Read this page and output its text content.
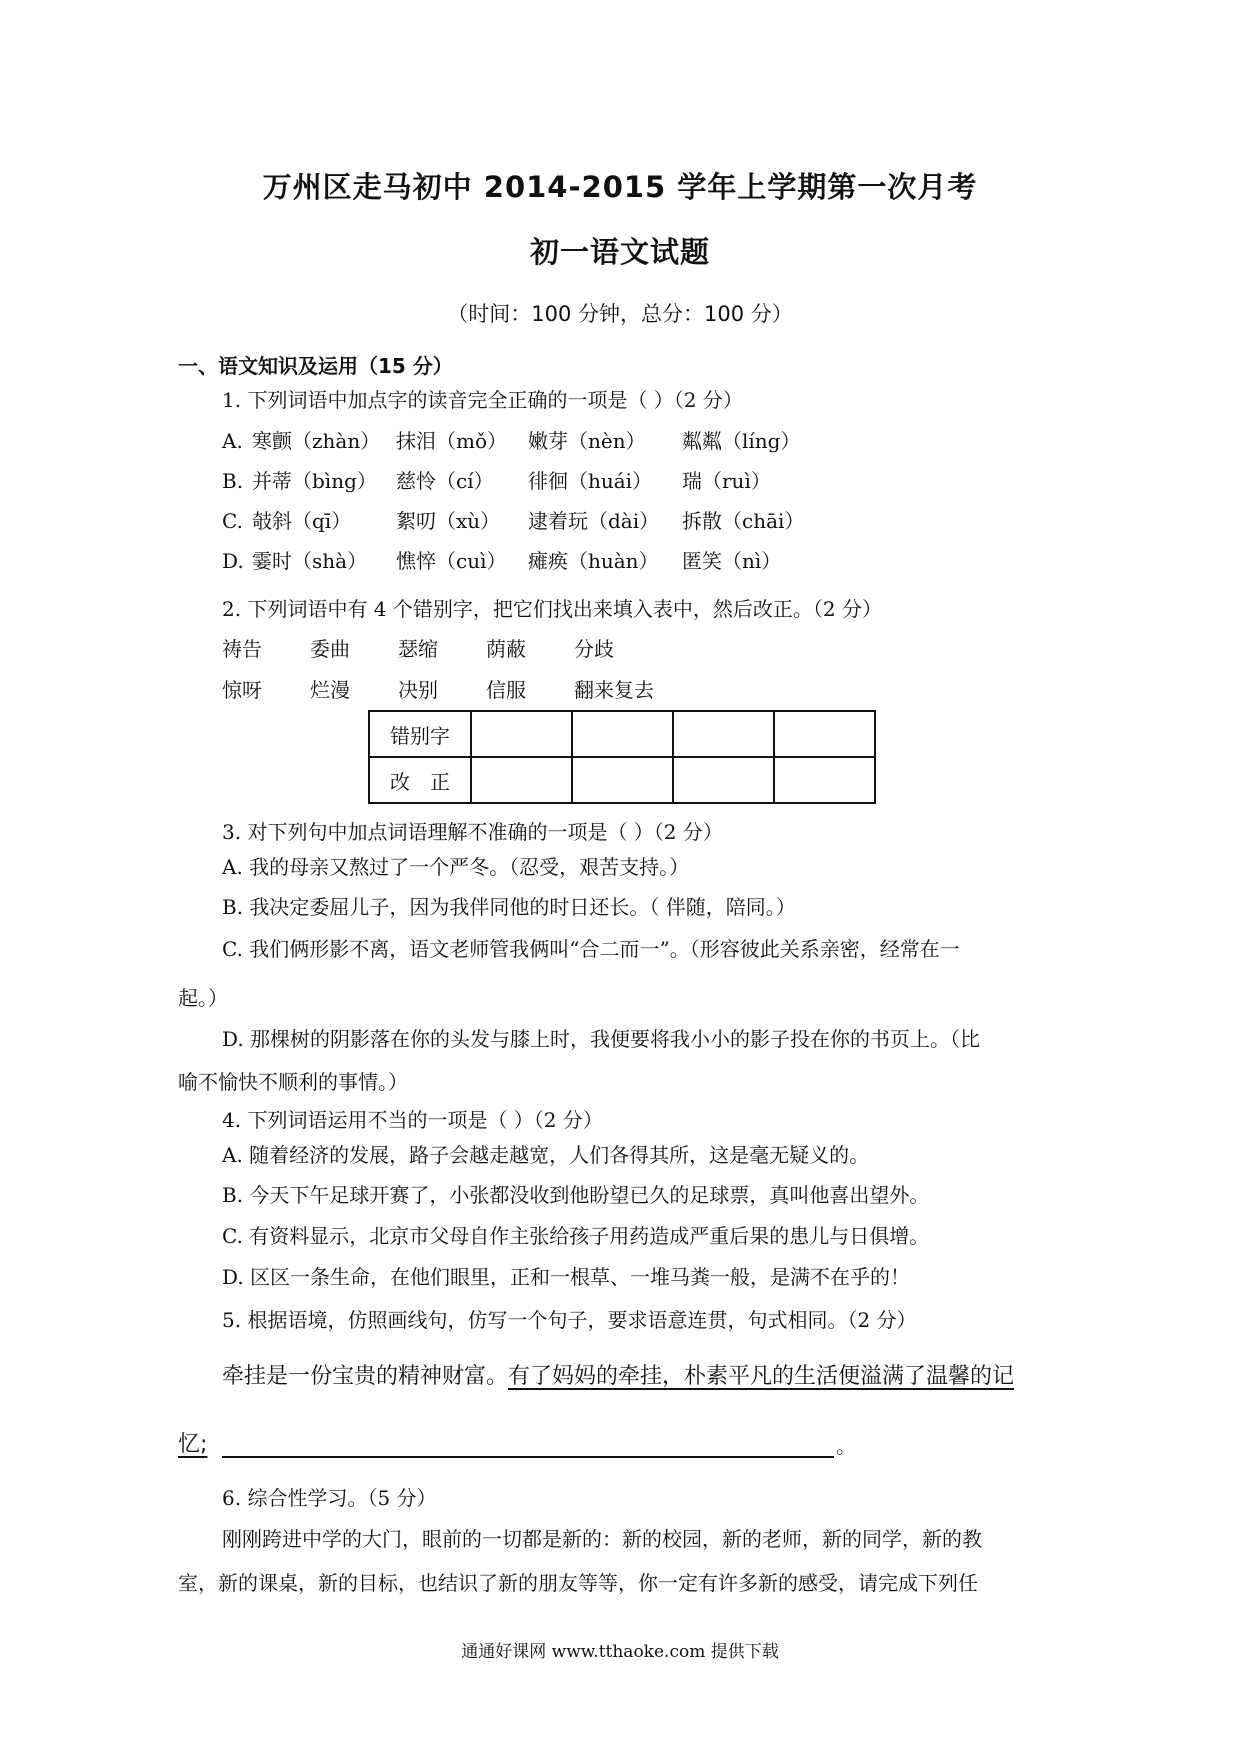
万州区走马初中 2014-2015 学年上学期第一次月考
初一语文试题
（时间：100 分钟，总分：100 分）
一、语文知识及运用（15 分）
1. 下列词语中加点字的读音完全正确的一项是（ ）（2 分）
A. 寒颤（zhàn） 抹泪（mǒ） 嫩芽（nèn） 粼粼（líng）
B. 并蒂（bìng） 慈怜（cí） 徘徊（huái） 瑞（ruì）
C. 攲斜（qī） 絮叨（xù） 逮着玩（dài） 拆散（chāi）
D. 霎时（shà） 憔悴（cuì） 瘫痪（huàn） 匿笑（nì）
2. 下列词语中有 4 个错别字，把它们找出来填入表中，然后改正。（2 分）
祷告 委曲 瑟缩 荫蔽 分歧
惊呀 烂漫 决别 信服 翻来复去
错别字				
改　正				
3. 对下列句中加点词语理解不准确的一项是（ ）（2 分）
A. 我的母亲又熬过了一个严冬。（忍受，艰苦支持。）
B. 我决定委屈儿子，因为我伴同他的时日还长。（ 伴随，陪同。）
C. 我们俩形影不离，语文老师管我俩叫“合二而一”。（形容彼此关系亲密，经常在一
起。）
D. 那棵树的阴影落在你的头发与膝上时，我便要将我小小的影子投在你的书页上。（比
喻不愉快不顺利的事情。）
4. 下列词语运用不当的一项是（ ）（2 分）
A. 随着经济的发展，路子会越走越宽，人们各得其所，这是毫无疑义的。
B. 今天下午足球开赛了，小张都没收到他盼望已久的足球票，真叫他喜出望外。
C. 有资料显示，北京市父母自作主张给孩子用药造成严重后果的患儿与日俱增。
D. 区区一条生命，在他们眼里，正和一根草、一堆马粪一般，是满不在乎的！
5. 根据语境，仿照画线句，仿写一个句子，要求语意连贯，句式相同。（2 分）
牵挂是一份宝贵的精神财富。有了妈妈的牵挂，朴素平凡的生活便溢满了温馨的记
忆;	。
6. 综合性学习。（5 分）
刚刚跨进中学的大门，眼前的一切都是新的：新的校园，新的老师，新的同学，新的教
室，新的课桌，新的目标，也结识了新的朋友等等，你一定有许多新的感受，请完成下列任
通通好课网 www.tthaoke.com 提供下载
